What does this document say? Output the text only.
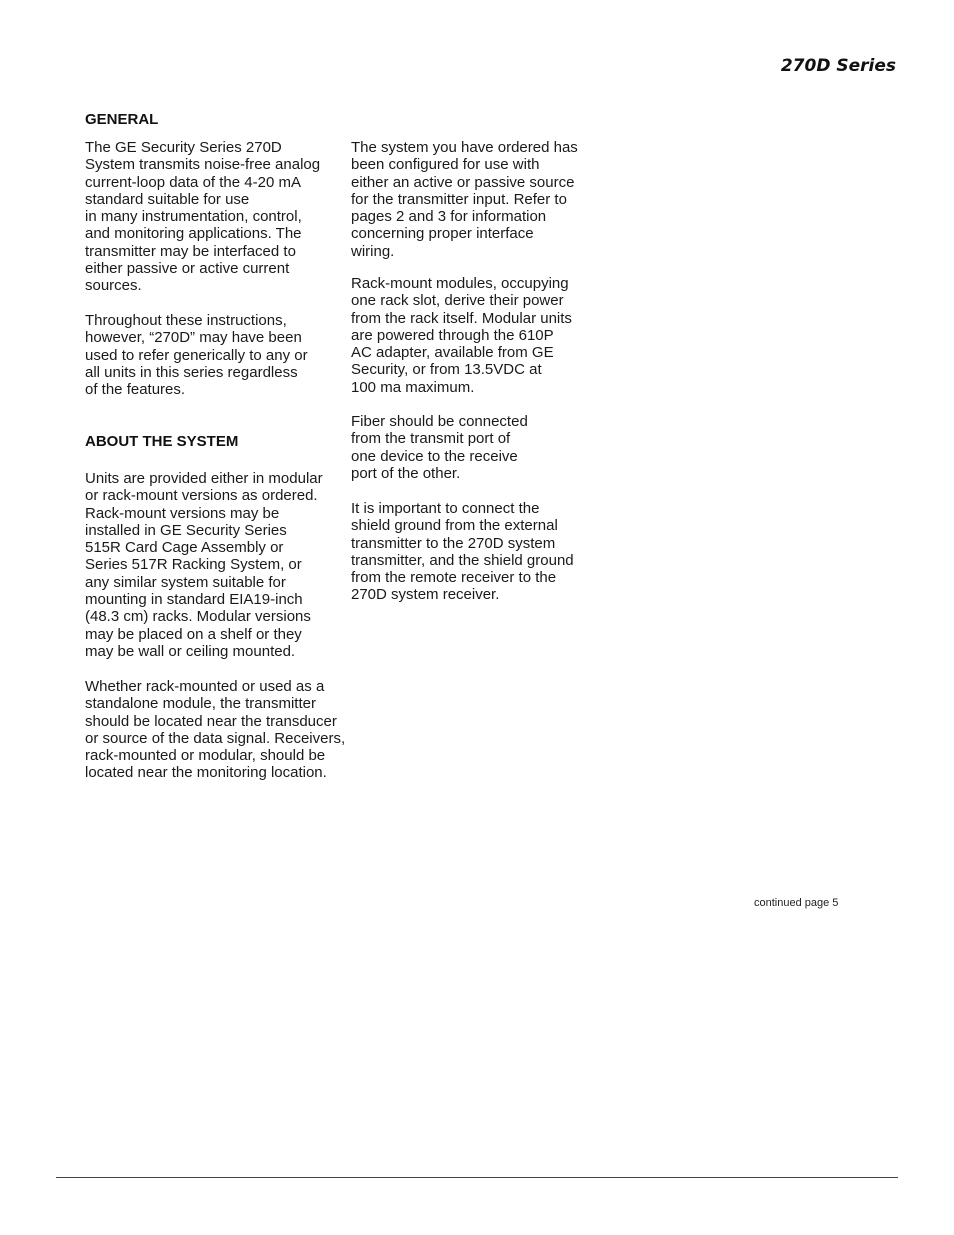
270D Series
GENERAL

The GE Security Series 270D
System transmits noise-free analog
current-loop data of the 4-20 mA
standard suitable for use
in many instrumentation, control,
and monitoring applications. The
transmitter may be interfaced to
either passive or active current
sources.

Throughout these instructions,
however, “270D” may have been
used to refer generically to any or
all units in this series regardless
of the features.

ABOUT THE SYSTEM

Units are provided either in modular
or rack-mount versions as ordered.
Rack-mount versions may be
installed in GE Security Series
515R Card Cage Assembly or
Series 517R Racking System, or
any similar system suitable for
mounting in standard EIA19-inch
(48.3 cm) racks. Modular versions
may be placed on a shelf or they
may be wall or ceiling mounted.

Whether rack-mounted or used as a
standalone module, the transmitter
should be located near the transducer
or source of the data signal. Receivers,
rack-mounted or modular, should be
located near the monitoring location.

The system you have ordered has
been configured for use with
either an active or passive source
for the transmitter input. Refer to
pages 2 and 3 for information
concerning proper interface
wiring.

Rack-mount modules, occupying
one rack slot, derive their power
from the rack itself. Modular units
are powered through the 610P
AC adapter, available from GE
Security, or from 13.5VDC at
100 ma maximum.

Fiber should be connected
from the transmit port of
one device to the receive
port of the other.

It is important to connect the
shield ground from the external
transmitter to the 270D system
transmitter, and the shield ground
from the remote receiver to the
270D system receiver.

continued page 5
